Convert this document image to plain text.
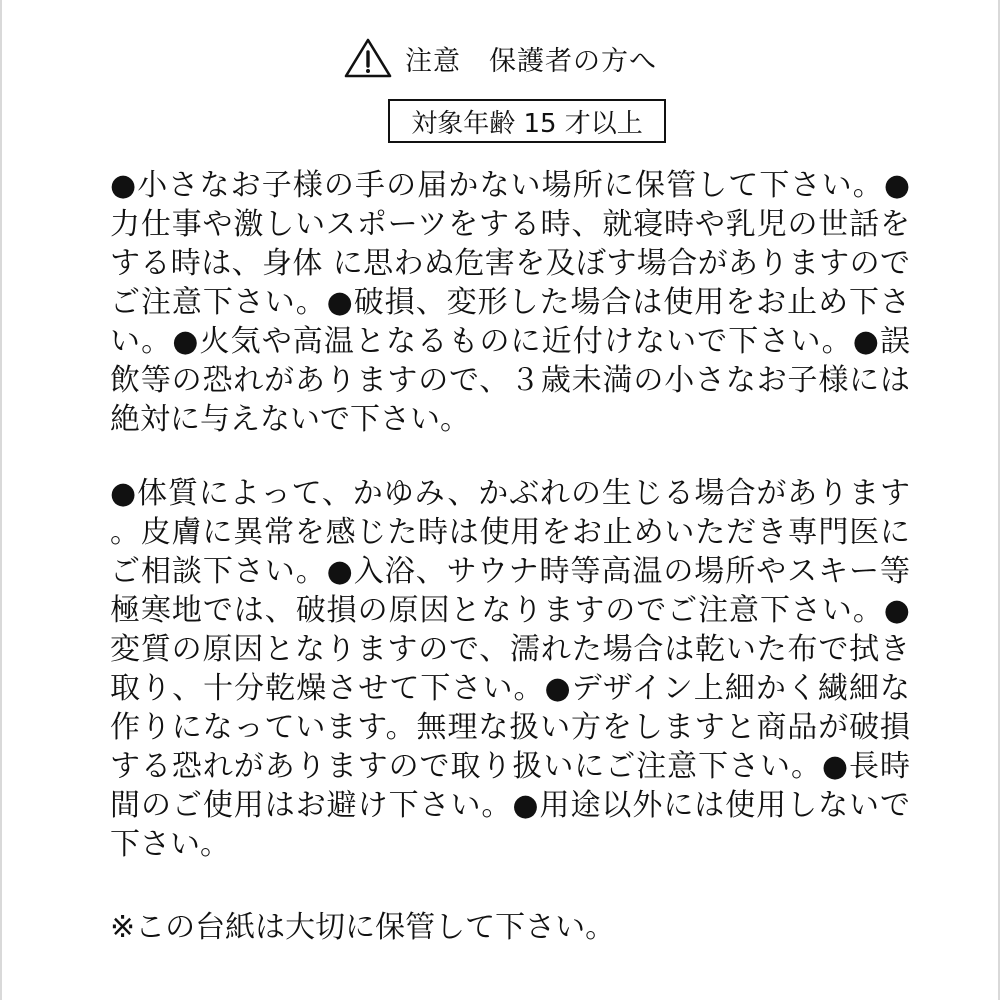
注意　保護者の方へ
対象年齢 15 才以上

●小さなお子様の手の届かない場所に保管して下さい。●力仕事や激しいスポーツをする時、就寝時や乳児の世話をする時は、身体 に思わぬ危害を及ぼす場合がありますのでご注意下さい。●破損、変形した場合は使用をお止め下さい。●火気や高温となるものに近付けないで下さい。●誤飲等の恐れがありますので、３歳未満の小さなお子様には絶対に与えないで下さい。

●体質によって、かゆみ、かぶれの生じる場合があります。皮膚に異常を感じた時は使用をお止めいただき専門医にご相談下さい。●入浴、サウナ時等高温の場所やスキー等極寒地では、破損の原因となりますのでご注意下さい。●変質の原因となりますので、濡れた場合は乾いた布で拭き取り、十分乾燥させて下さい。●デザイン上細かく繊細な作りになっています。無理な扱い方をしますと商品が破損する恐れがありますので取り扱いにご注意下さい。●長時間のご使用はお避け下さい。●用途以外には使用しないで下さい。

※この台紙は大切に保管して下さい。
